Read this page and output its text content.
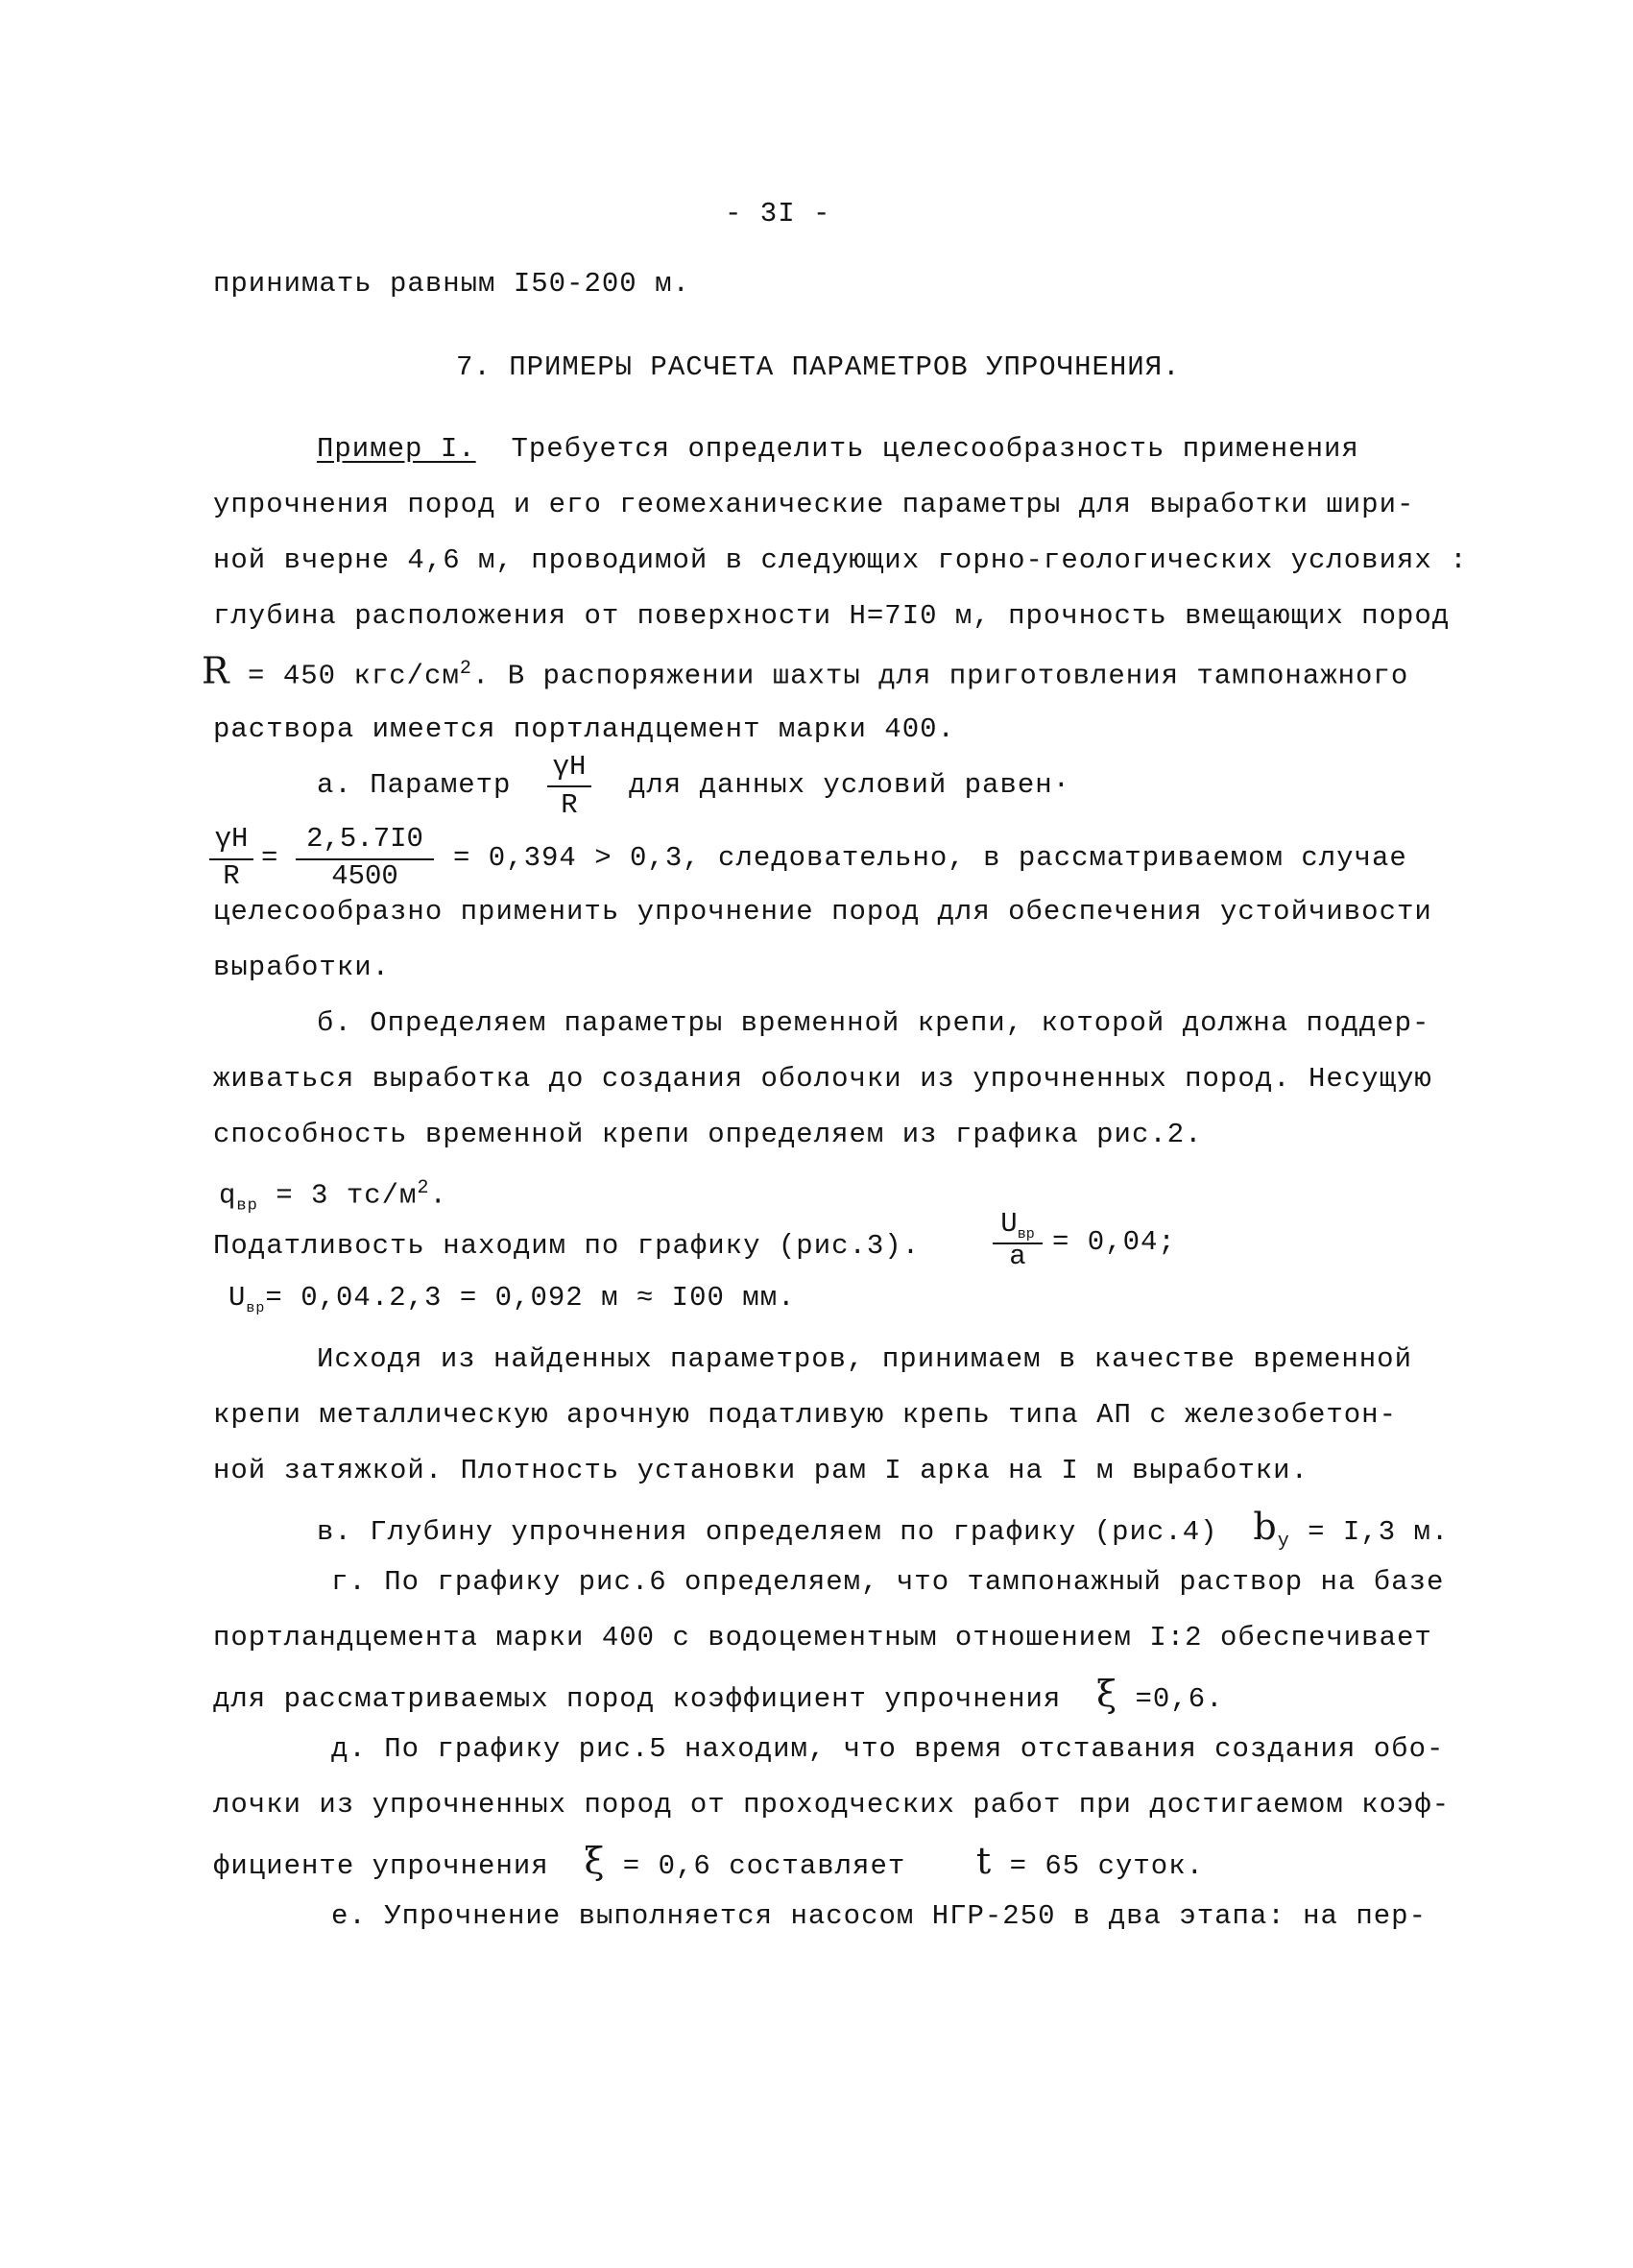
- 3I -
принимать равным I50-200 м.
7. ПРИМЕРЫ РАСЧЕТА ПАРАМЕТРОВ УПРОЧНЕНИЯ.
Пример I. Требуется определить целесообразность применения
упрочнения пород и его геомеханические параметры для выработки шири-
ной вчерне 4,6 м, проводимой в следующих горно-геологических условиях :
глубина расположения от поверхности Н=7I0 м, прочность вмещающих пород
R = 450 кгс/$см^2$. В распоряжении шахты для приготовления тампонажного
раствора имеется портландцемент марки 400.
а. Параметр
γН
R
для данных условий равен·
γН
R
=
2,5.7I0
4500
= 0,394 > 0,3, следовательно, в рассматриваемом случае
целесообразно применить упрочнение пород для обеспечения устойчивости
выработки.
б. Определяем параметры временной крепи, которой должна поддер-
живаться выработка до создания оболочки из упрочненных пород. Несущую
способность временной крепи определяем из графика рис.2.
$q_{вр} = 3$ $тс/м^2$.
Податливость находим по графику (рис.3).
$U_{вр}$
a = 0,04;
$U_{вр}= 0,04.2,3 = 0,092$ м ≈ I00 мм.
Исходя из найденных параметров, принимаем в качестве временной
крепи металлическую арочную податливую крепь типа АП с железобетон-
ной затяжкой. Плотность установки рам I арка на I м выработки.
в. Глубину упрочнения определяем по графику (рис.4) $b_у = I,3$ м.
г. По графику рис.6 определяем, что тампонажный раствор на базе
портландцемента марки 400 с водоцементным отношением I:2 обеспечивает
для рассматриваемых пород коэффициент упрочнения ξ =0,6.
д. По графику рис.5 находим, что время отставания создания обо-
лочки из упрочненных пород от проходческих работ при достигаемом коэф-
фициенте упрочнения ξ = 0,6 составляет t = 65 суток.
е. Упрочнение выполняется насосом НГР-250 в два этапа: на пер-
